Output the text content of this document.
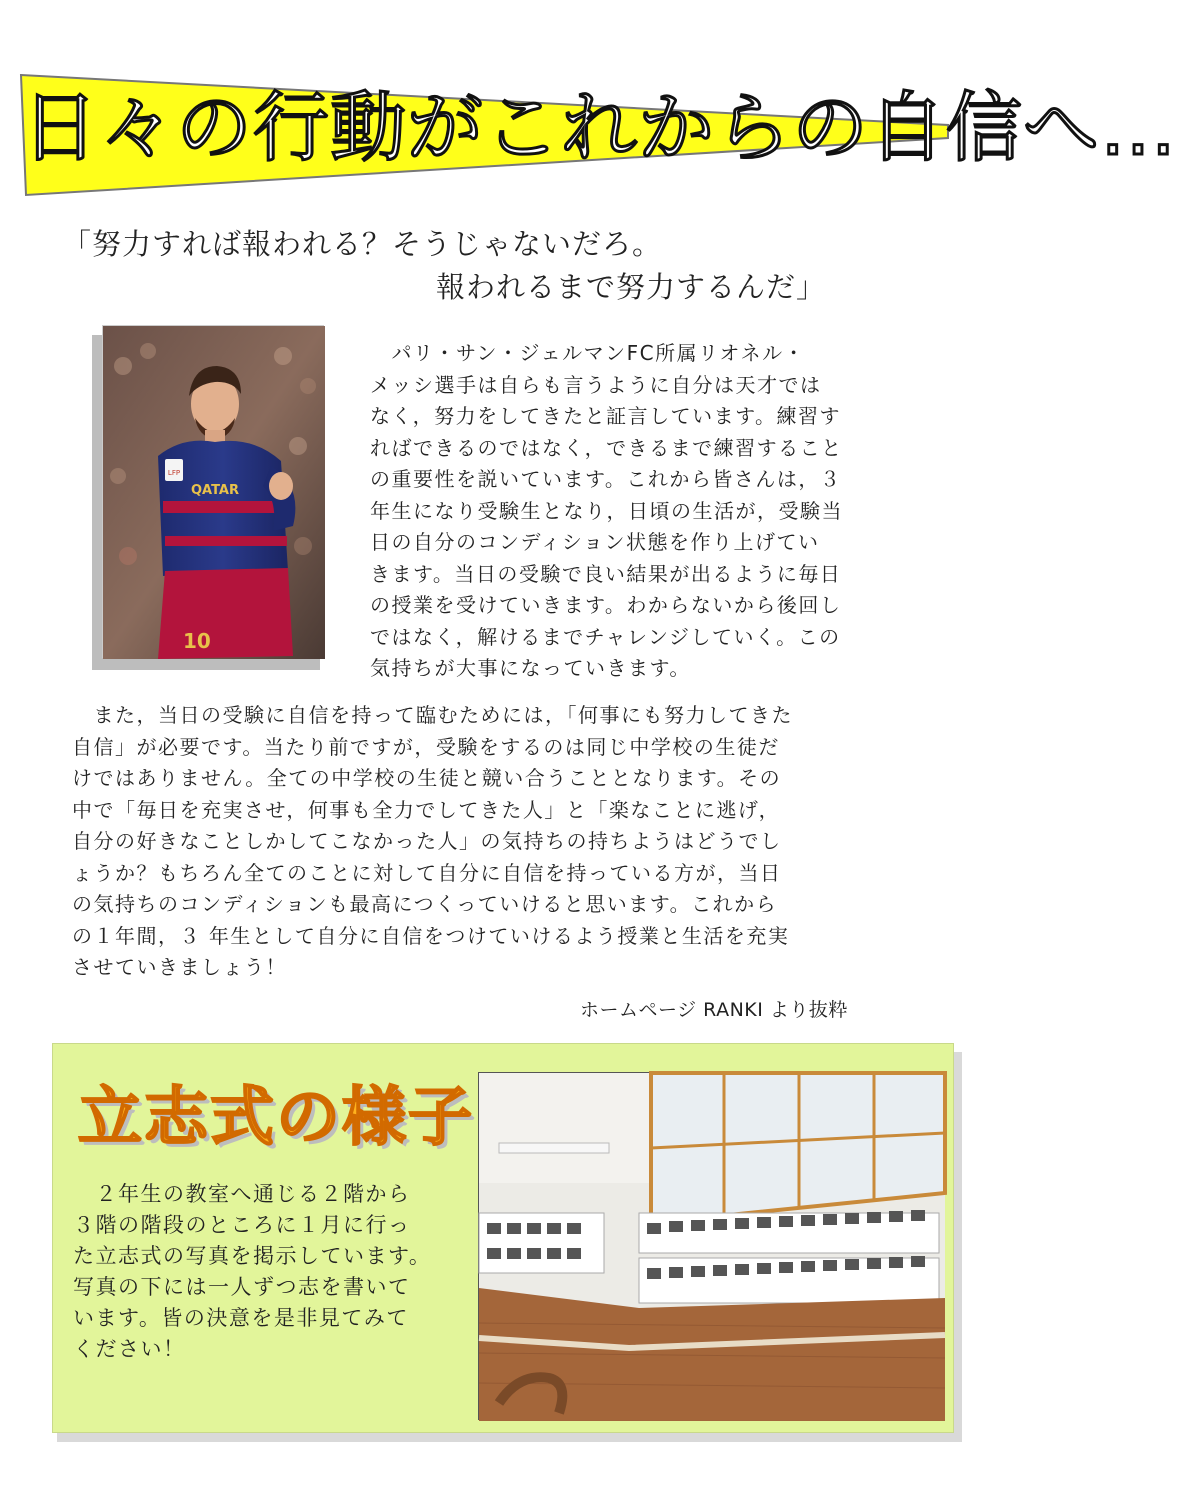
日々の行動がこれからの自信へ…
「努力すれば報われる？そうじゃないだろ。
報われるまで努力するんだ」
QATAR
LFP
10
　パリ・サン・ジェルマンFC所属リオネル・
メッシ選手は自らも言うように自分は天才では
なく，努力をしてきたと証言しています。練習す
ればできるのではなく，できるまで練習すること
の重要性を説いています。これから皆さんは，３
年生になり受験生となり，日頃の生活が，受験当
日の自分のコンディション状態を作り上げてい
きます。当日の受験で良い結果が出るように毎日
の授業を受けていきます。わからないから後回し
ではなく，解けるまでチャレンジしていく。この
気持ちが大事になっていきます。
　また，当日の受験に自信を持って臨むためには，「何事にも努力してきた
自信」が必要です。当たり前ですが，受験をするのは同じ中学校の生徒だ
けではありません。全ての中学校の生徒と競い合うこととなります。その
中で「毎日を充実させ，何事も全力でしてきた人」と「楽なことに逃げ，
自分の好きなことしかしてこなかった人」の気持ちの持ちようはどうでし
ょうか？もちろん全てのことに対して自分に自信を持っている方が，当日
の気持ちのコンディションも最高につくっていけると思います。これから
の１年間，３ 年生として自分に自信をつけていけるよう授業と生活を充実
させていきましょう！
ホームページ RANKI より抜粋
立志式の様子
　２年生の教室へ通じる２階から
３階の階段のところに１月に行っ
た立志式の写真を掲示しています。
写真の下には一人ずつ志を書いて
います。皆の決意を是非見てみて
ください！
